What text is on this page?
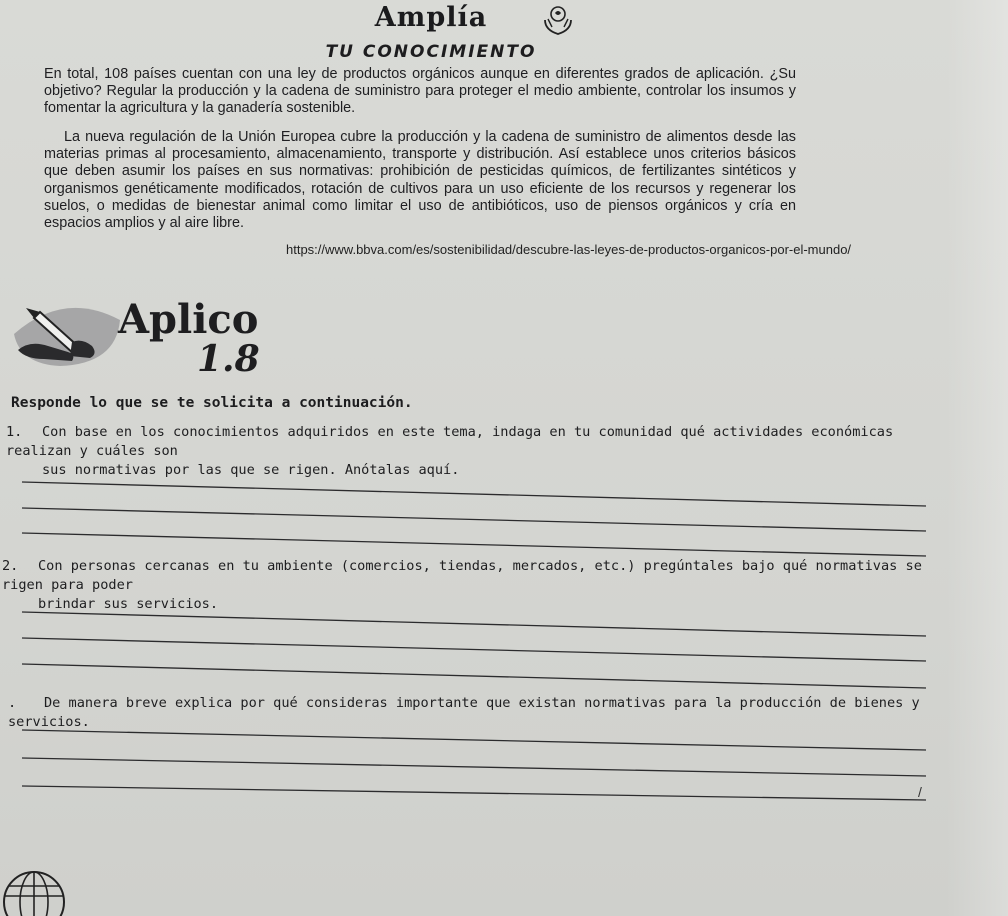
Amplía
TU CONOCIMIENTO
En total, 108 países cuentan con una ley de productos orgánicos aunque en diferentes grados de aplicación. ¿Su objetivo? Regular la producción y la cadena de suministro para proteger el medio ambiente, controlar los insumos y fomentar la agricultura y la ganadería sostenible.
La nueva regulación de la Unión Europea cubre la producción y la cadena de suministro de alimentos desde las materias primas al procesamiento, almacenamiento, transporte y distribución. Así establece unos criterios básicos que deben asumir los países en sus normativas: prohibición de pesticidas químicos, de fertilizantes sintéticos y organismos genéticamente modificados, rotación de cultivos para un uso eficiente de los recursos y regenerar los suelos, o medidas de bienestar animal como limitar el uso de antibióticos, uso de piensos orgánicos y cría en espacios amplios y al aire libre.
https://www.bbva.com/es/sostenibilidad/descubre-las-leyes-de-productos-organicos-por-el-mundo/
Aplico
1.8
Responde lo que se te solicita a continuación.
1. Con base en los conocimientos adquiridos en este tema, indaga en tu comunidad qué actividades económicas realizan y cuáles son
sus normativas por las que se rigen. Anótalas aquí.
2. Con personas cercanas en tu ambiente (comercios, tiendas, mercados, etc.) pregúntales bajo qué normativas se rigen para poder
brindar sus servicios.
. De manera breve explica por qué consideras importante que existan normativas para la producción de bienes y servicios.
/
